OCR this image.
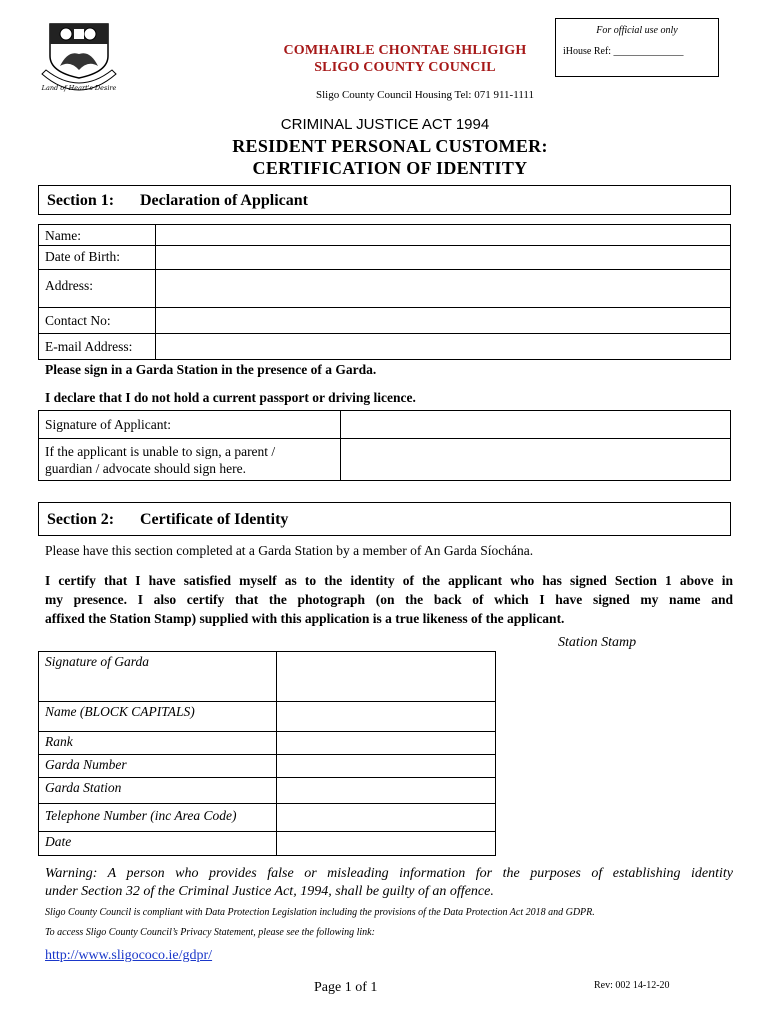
Land of Heart's Desire
COMHAIRLE CHONTAE SHLIGIGH
SLIGO COUNTY COUNCIL
For official use only
iHouse Ref: ______________
Sligo County Council Housing Tel: 071 911-1111
CRIMINAL JUSTICE ACT 1994
RESIDENT PERSONAL CUSTOMER:
CERTIFICATION OF IDENTITY
Section 1: Declaration of Applicant
Name:	
Date of Birth:	
Address:	
Contact No:	
E-mail Address:	
Please sign in a Garda Station in the presence of a Garda.
I declare that I do not hold a current passport or driving licence.
Signature of Applicant:	

If the applicant is unable to sign, a parent /
guardian / advocate should sign here.	

Section 2: Certificate of Identity
Please have this section completed at a Garda Station by a member of An Garda Síochána.
I certify that I have satisfied myself as to the identity of the applicant who has signed Section 1 above in
my presence. I also certify that the photograph (on the back of which I have signed my name and
affixed the Station Stamp) supplied with this application is a true likeness of the applicant.
Station Stamp
Signature of Garda	
Name (BLOCK CAPITALS)	
Rank	
Garda Number	
Garda Station	
Telephone Number (inc Area Code)	
Date	
Warning: A person who provides false or misleading information for the purposes of establishing identity
under Section 32 of the Criminal Justice Act, 1994, shall be guilty of an offence.
Sligo County Council is compliant with Data Protection Legislation including the provisions of the Data Protection Act 2018 and GDPR.
To access Sligo County Council’s Privacy Statement, please see the following link:
http://www.sligococo.ie/gdpr/
Page 1 of 1	Rev: 002 14-12-20
